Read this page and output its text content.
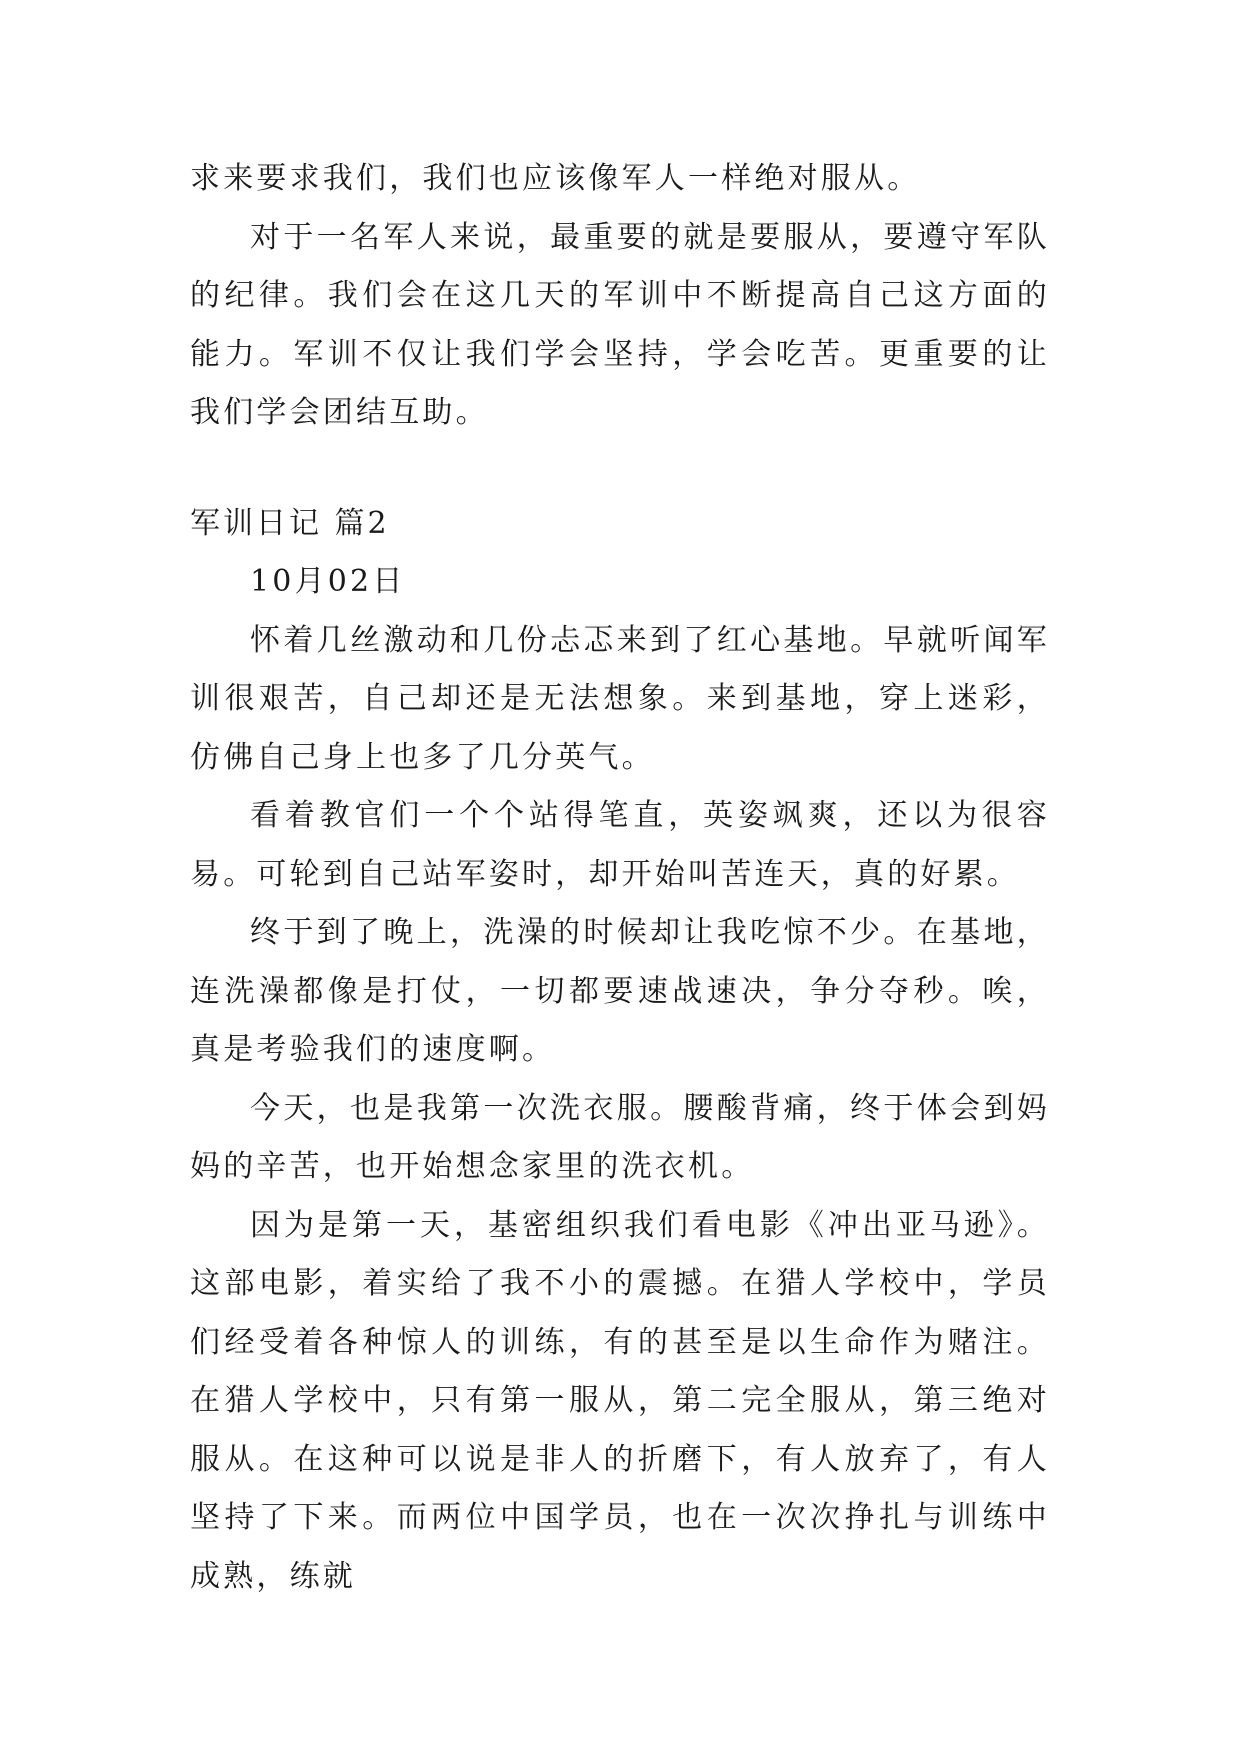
求来要求我们，我们也应该像军人一样绝对服从。

对于一名军人来说，最重要的就是要服从，要遵守军队的纪律。我们会在这几天的军训中不断提高自己这方面的能力。军训不仅让我们学会坚持，学会吃苦。更重要的让我们学会团结互助。

军训日记 篇2

10月02日

怀着几丝激动和几份忐忑来到了红心基地。早就听闻军训很艰苦，自己却还是无法想象。来到基地，穿上迷彩，仿佛自己身上也多了几分英气。

看着教官们一个个站得笔直，英姿飒爽，还以为很容易。可轮到自己站军姿时，却开始叫苦连天，真的好累。

终于到了晚上，洗澡的时候却让我吃惊不少。在基地，连洗澡都像是打仗，一切都要速战速决，争分夺秒。唉，真是考验我们的速度啊。

今天，也是我第一次洗衣服。腰酸背痛，终于体会到妈妈的辛苦，也开始想念家里的洗衣机。

因为是第一天，基密组织我们看电影《冲出亚马逊》。这部电影，着实给了我不小的震撼。在猎人学校中，学员们经受着各种惊人的训练，有的甚至是以生命作为赌注。在猎人学校中，只有第一服从，第二完全服从，第三绝对服从。在这种可以说是非人的折磨下，有人放弃了，有人坚持了下来。而两位中国学员，也在一次次挣扎与训练中成熟，练就
